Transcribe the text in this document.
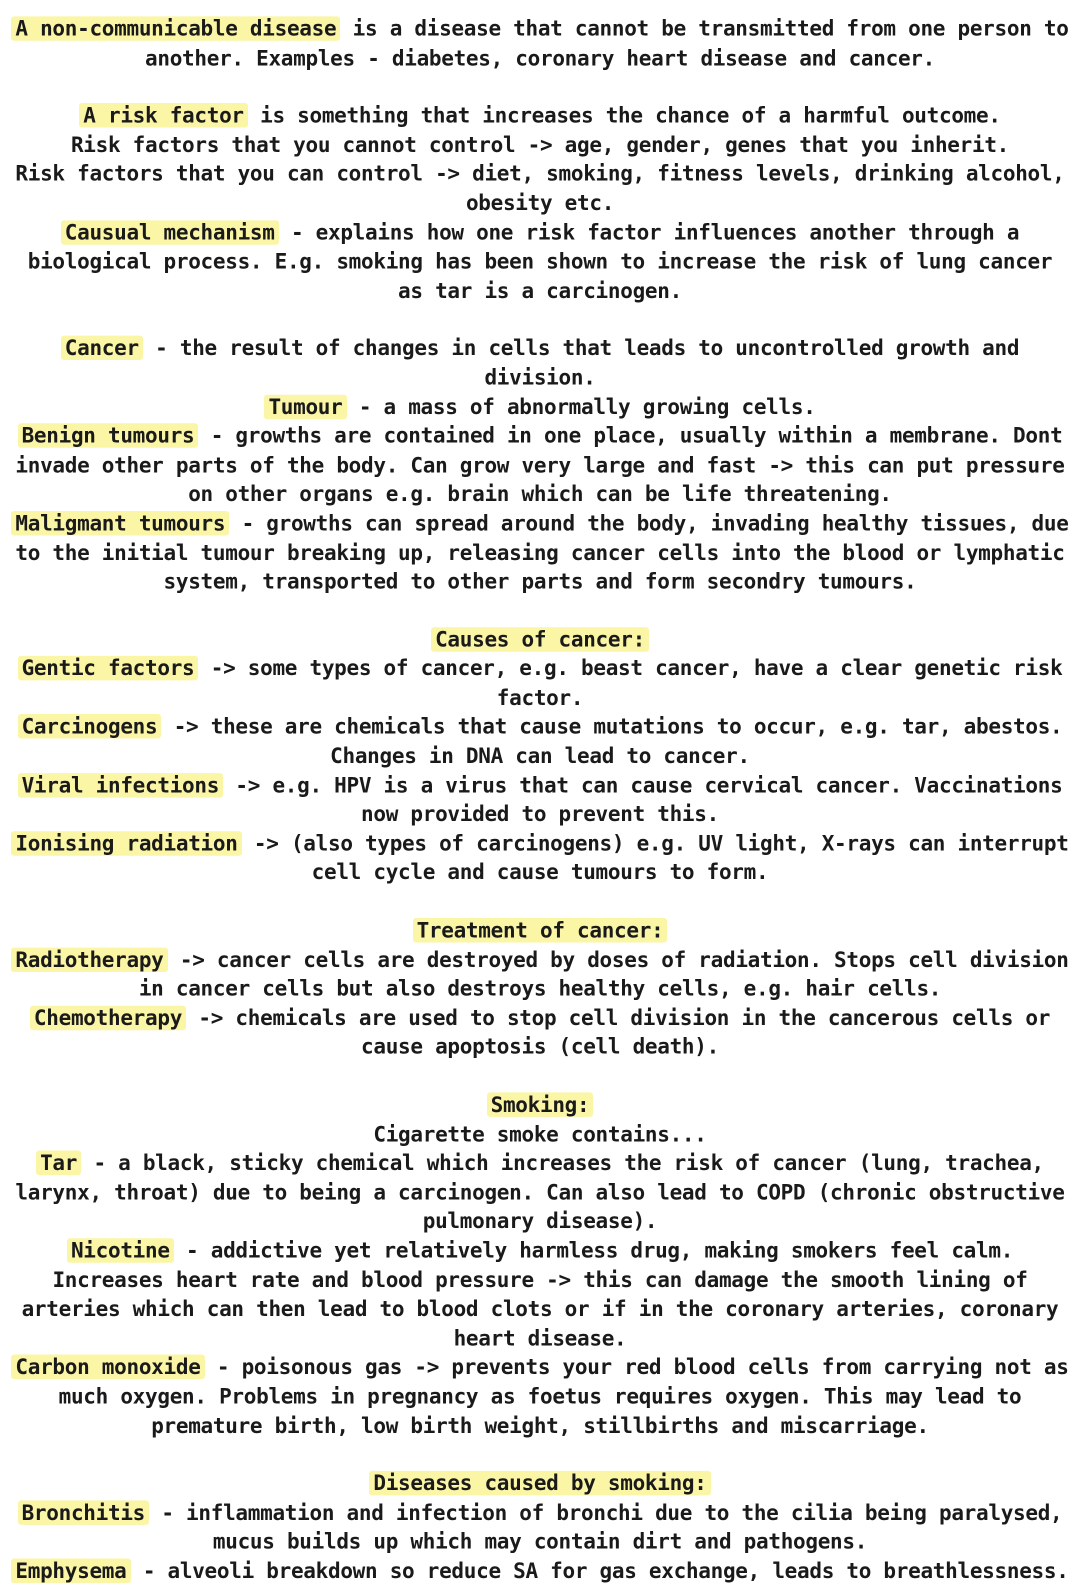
A non-communicable disease is a disease that cannot be transmitted from one person to another. Examples - diabetes, coronary heart disease and cancer.

A risk factor is something that increases the chance of a harmful outcome.

Risk factors that you cannot control -> age, gender, genes that you inherit.

Risk factors that you can control -> diet, smoking, fitness levels, drinking alcohol, obesity etc.

Causual mechanism - explains how one risk factor influences another through a biological process. E.g. smoking has been shown to increase the risk of lung cancer as tar is a carcinogen.

Cancer - the result of changes in cells that leads to uncontrolled growth and division.

Tumour - a mass of abnormally growing cells.

Benign tumours - growths are contained in one place, usually within a membrane. Dont invade other parts of the body. Can grow very large and fast -> this can put pressure on other organs e.g. brain which can be life threatening.

Maligmant tumours - growths can spread around the body, invading healthy tissues, due to the initial tumour breaking up, releasing cancer cells into the blood or lymphatic system, transported to other parts and form secondry tumours.

Causes of cancer:

Gentic factors -> some types of cancer, e.g. beast cancer, have a clear genetic risk factor.

Carcinogens -> these are chemicals that cause mutations to occur, e.g. tar, abestos. Changes in DNA can lead to cancer.

Viral infections -> e.g. HPV is a virus that can cause cervical cancer. Vaccinations now provided to prevent this.

Ionising radiation -> (also types of carcinogens) e.g. UV light, X-rays can interrupt cell cycle and cause tumours to form.

Treatment of cancer:

Radiotherapy -> cancer cells are destroyed by doses of radiation. Stops cell division in cancer cells but also destroys healthy cells, e.g. hair cells.

Chemotherapy -> chemicals are used to stop cell division in the cancerous cells or cause apoptosis (cell death).

Smoking:

Cigarette smoke contains...

Tar - a black, sticky chemical which increases the risk of cancer (lung, trachea, larynx, throat) due to being a carcinogen. Can also lead to COPD (chronic obstructive pulmonary disease).

Nicotine - addictive yet relatively harmless drug, making smokers feel calm. Increases heart rate and blood pressure -> this can damage the smooth lining of arteries which can then lead to blood clots or if in the coronary arteries, coronary heart disease.

Carbon monoxide - poisonous gas -> prevents your red blood cells from carrying not as much oxygen. Problems in pregnancy as foetus requires oxygen. This may lead to premature birth, low birth weight, stillbirths and miscarriage.

Diseases caused by smoking:

Bronchitis - inflammation and infection of bronchi due to the cilia being paralysed, mucus builds up which may contain dirt and pathogens.

Emphysema - alveoli breakdown so reduce SA for gas exchange, leads to breathlessness.
